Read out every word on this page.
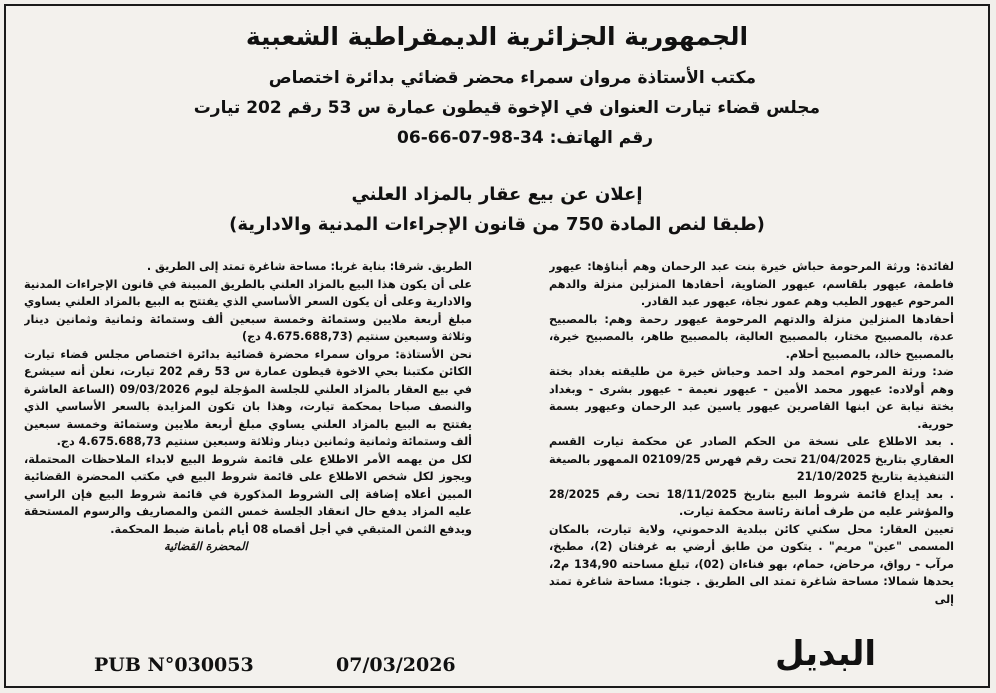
الجمهورية الجزائرية الديمقراطية الشعبية
مكتب الأستاذة مروان سمراء محضر قضائي بدائرة اختصاص
مجلس قضاء تيارت العنوان في الإخوة قيطون عمارة س 53 رقم 202 تيارت
رقم الهاتف: 34-98-07-66-06
إعلان عن بيع عقار بالمزاد العلني
(طبقا لنص المادة 750 من قانون الإجراءات المدنية والادارية)

لفائدة: ورثة المرحومة حباش خيرة بنت عبد الرحمان وهم أبناؤها: عيهور فاطمة، عيهور بلقاسم، عيهور الضاوية، أحفادها المنزلين منزلة والدهم المرحوم عيهور الطيب وهم عمور نجاة، عيهور عبد القادر.

أحفادها المنزلين منزلة والدتهم المرحومة عيهور رحمة وهم: بالمصبيح عدة، بالمصبيح مختار، بالمصبيح العالية، بالمصبيح طاهر، بالمصبيح خيرة، بالمصبيح خالد، بالمصبيح أحلام.

ضد: ورثة المرحوم امحمد ولد احمد وحباش خيرة من طليقته بغداد بختة وهم أولاده: عيهور محمد الأمين - عيهور نعيمة - عيهور بشرى - وبغداد بختة نيابة عن ابنها القاصرين عيهور ياسين عبد الرحمان وعيهور بسمة حورية.

. بعد الاطلاع على نسخة من الحكم الصادر عن محكمة تيارت القسم العقاري بتاريخ 21/04/2025 تحت رقم فهرس 02109/25 الممهور بالصيغة التنفيذية بتاريخ 21/10/2025

. بعد إيداع قائمة شروط البيع بتاريخ 18/11/2025 تحت رقم 28/2025 والمؤشر عليه من طرف أمانة رئاسة محكمة تيارت.

تعيين العقار: محل سكني كائن ببلدية الدحموني، ولاية تيارت، بالمكان المسمى "عين" مريم" . يتكون من طابق أرضي به غرفتان (2)، مطبخ، مرآب - رواق، مرحاض، حمام، بهو فناءان (02)، تبلغ مساحته 134,90 م2، يحدها شمالا: مساحة شاغرة تمتد الى الطريق . جنوبا: مساحة شاغرة تمتد إلى

الطريق. شرقا: بناية غربا: مساحة شاغرة تمتد إلى الطريق .

على أن يكون هذا البيع بالمزاد العلني بالطريق المبينة في قانون الإجراءات المدنية والادارية وعلى أن يكون السعر الأساسي الذي يفتتح به البيع بالمزاد العلني يساوي مبلغ أربعة ملايين وستمائة وخمسة سبعين ألف وستمائة وثمانية وثمانين دينار وثلاثة وسبعين سنتيم (4.675.688,73 دج)

نحن الأستاذة: مروان سمراء محضرة قضائية بدائرة اختصاص مجلس قضاء تيارت الكائن مكتبنا بحي الاخوة قيطون عمارة س 53 رقم 202 تيارت، نعلن أنه سيشرع في بيع العقار بالمزاد العلني للجلسة المؤجلة ليوم 09/03/2026 (الساعة العاشرة والنصف صباحا بمحكمة تيارت، وهذا بان تكون المزايدة بالسعر الأساسي الذي يفتتح به البيع بالمزاد العلني يساوي مبلغ أربعة ملايين وستمائة وخمسة سبعين ألف وستمائة وثمانية وثمانين دينار وثلاثة وسبعين سنتيم 4.675.688,73 دج.

لكل من يهمه الأمر الاطلاع على قائمة شروط البيع لابداء الملاحظات المحتملة، ويجوز لكل شخص الاطلاع على قائمة شروط البيع في مكتب المحضرة القضائية المبين أعلاه إضافة إلى الشروط المذكورة في قائمة شروط البيع فإن الراسي عليه المزاد يدفع حال انعقاد الجلسة خمس الثمن والمصاريف والرسوم المستحقة ويدفع الثمن المتبقي في أجل أقصاه 08 أيام بأمانة ضبط المحكمة.

المحضرة القضائية

PUB N°030053	07/03/2026	البديل
